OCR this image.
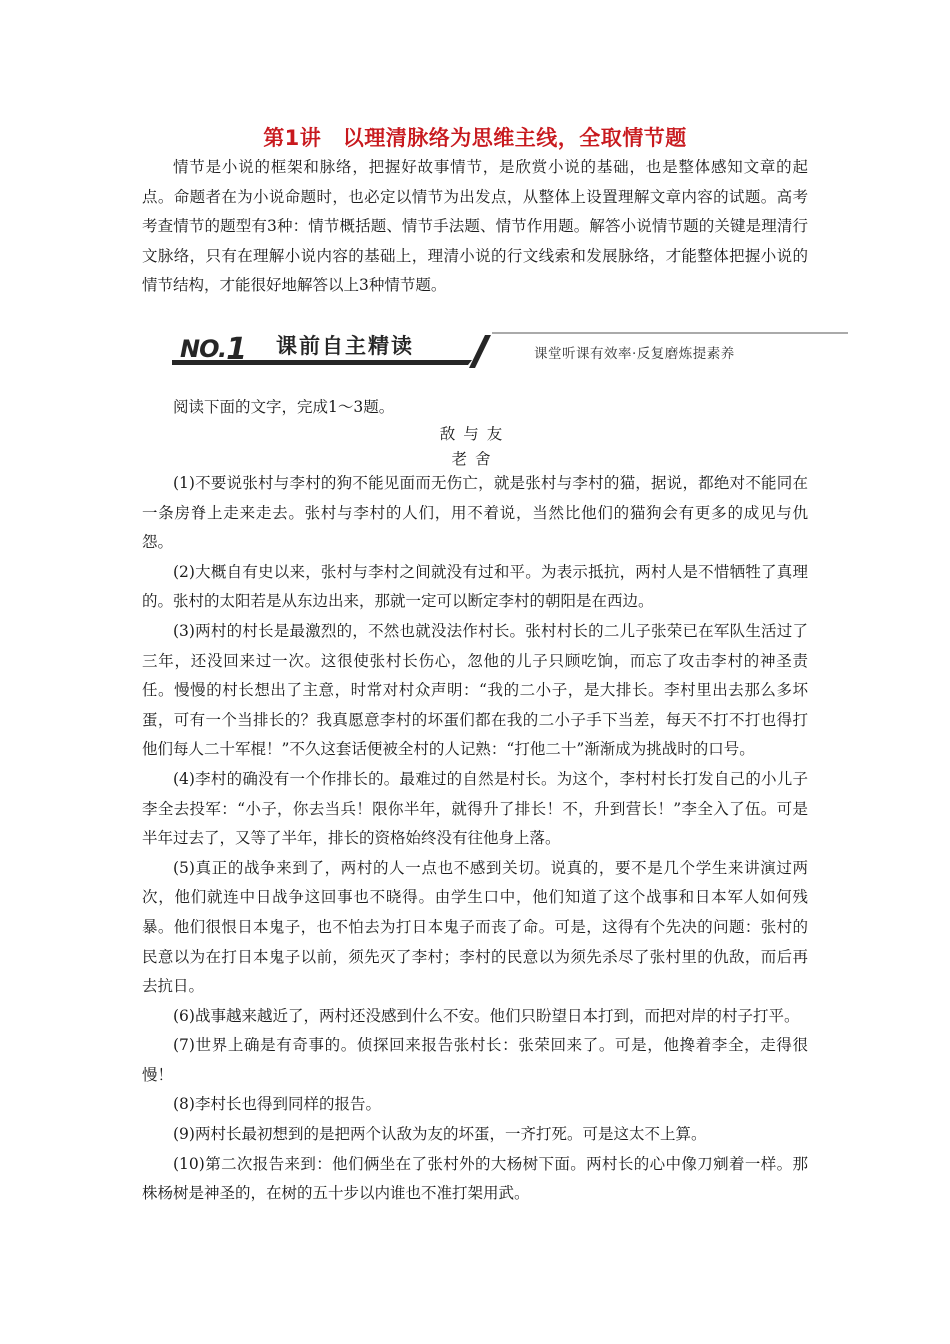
第1讲　以理清脉络为思维主线，全取情节题

情节是小说的框架和脉络，把握好故事情节，是欣赏小说的基础，也是整体感知文章的起点。命题者在为小说命题时，也必定以情节为出发点，从整体上设置理解文章内容的试题。高考考查情节的题型有3种：情节概括题、情节手法题、情节作用题。解答小说情节题的关键是理清行文脉络，只有在理解小说内容的基础上，理清小说的行文线索和发展脉络，才能整体把握小说的情节结构，才能很好地解答以上3种情节题。

NO.1 课前自主精读	课堂听课有效率·反复磨炼提素养

阅读下面的文字，完成1～3题。

敌与友

老舍

(1)不要说张村与李村的狗不能见面而无伤亡，就是张村与李村的猫，据说，都绝对不能同在一条房脊上走来走去。张村与李村的人们，用不着说，当然比他们的猫狗会有更多的成见与仇怨。

(2)大概自有史以来，张村与李村之间就没有过和平。为表示抵抗，两村人是不惜牺牲了真理的。张村的太阳若是从东边出来，那就一定可以断定李村的朝阳是在西边。

(3)两村的村长是最激烈的，不然也就没法作村长。张村村长的二儿子张荣已在军队生活过了三年，还没回来过一次。这很使张村长伤心，忽他的儿子只顾吃饷，而忘了攻击李村的神圣责任。慢慢的村长想出了主意，时常对村众声明：“我的二小子，是大排长。李村里出去那么多坏蛋，可有一个当排长的？我真愿意李村的坏蛋们都在我的二小子手下当差，每天不打不打也得打他们每人二十军棍！”不久这套话便被全村的人记熟：“打他二十”渐渐成为挑战时的口号。

(4)李村的确没有一个作排长的。最难过的自然是村长。为这个，李村村长打发自己的小儿子李全去投军：“小子，你去当兵！限你半年，就得升了排长！不，升到营长！”李全入了伍。可是半年过去了，又等了半年，排长的资格始终没有往他身上落。

(5)真正的战争来到了，两村的人一点也不感到关切。说真的，要不是几个学生来讲演过两次，他们就连中日战争这回事也不晓得。由学生口中，他们知道了这个战事和日本军人如何残暴。他们很恨日本鬼子，也不怕去为打日本鬼子而丧了命。可是，这得有个先决的问题：张村的民意以为在打日本鬼子以前，须先灭了李村；李村的民意以为须先杀尽了张村里的仇敌，而后再去抗日。

(6)战事越来越近了，两村还没感到什么不安。他们只盼望日本打到，而把对岸的村子打平。

(7)世界上确是有奇事的。侦探回来报告张村长：张荣回来了。可是，他搀着李全，走得很慢！

(8)李村长也得到同样的报告。

(9)两村长最初想到的是把两个认敌为友的坏蛋，一齐打死。可是这太不上算。

(10)第二次报告来到：他们俩坐在了张村外的大杨树下面。两村长的心中像刀剜着一样。那株杨树是神圣的，在树的五十步以内谁也不准打架用武。
